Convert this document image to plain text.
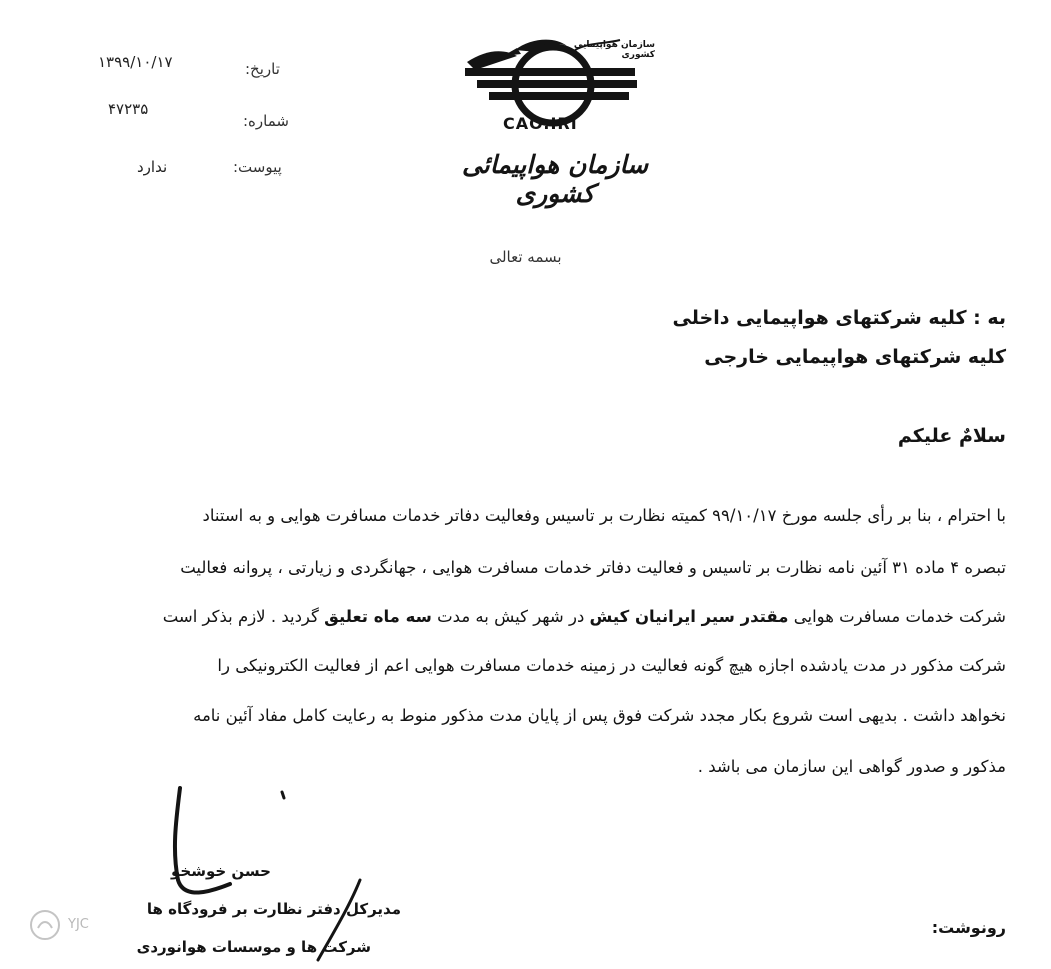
تاریخ:
۱۳۹۹/۱۰/۱۷
شماره:
۴۷۲۳۵
پیوست:
ندارد
سازمان هواپیمایی کشوری
CAO.IRI
سازمان هواپیمائی کشوری
بسمه تعالی
به : کلیه شرکتهای هواپیمایی داخلی
کلیه شرکتهای هواپیمایی خارجی
سلامٌ علیکم
با احترام ، بنا بر رأی جلسه مورخ ۹۹/۱۰/۱۷ کمیته نظارت بر تاسیس وفعالیت دفاتر خدمات مسافرت هوایی و به استناد
تبصره ۴ ماده ۳۱ آئین نامه نظارت بر تاسیس و فعالیت دفاتر خدمات مسافرت هوایی ، جهانگردی و زیارتی ، پروانه فعالیت
شرکت خدمات مسافرت هوایی مقتدر سیر ایرانیان کیش در شهر کیش به مدت سه ماه تعلیق گردید . لازم بذکر است
شرکت مذکور در مدت یادشده اجازه هیچ گونه فعالیت در زمینه خدمات مسافرت هوایی اعم از فعالیت الکترونیکی را
نخواهد داشت . بدیهی است شروع بکار مجدد شرکت فوق پس از پایان مدت مذکور منوط به رعایت کامل مفاد آئین نامه
مذکور و صدور گواهی این سازمان می باشد .
حسن خوشخو
مدیرکل دفتر نظارت بر فرودگاه ها
شرکت ها و موسسات هوانوردی
رونوشت:
YJC
